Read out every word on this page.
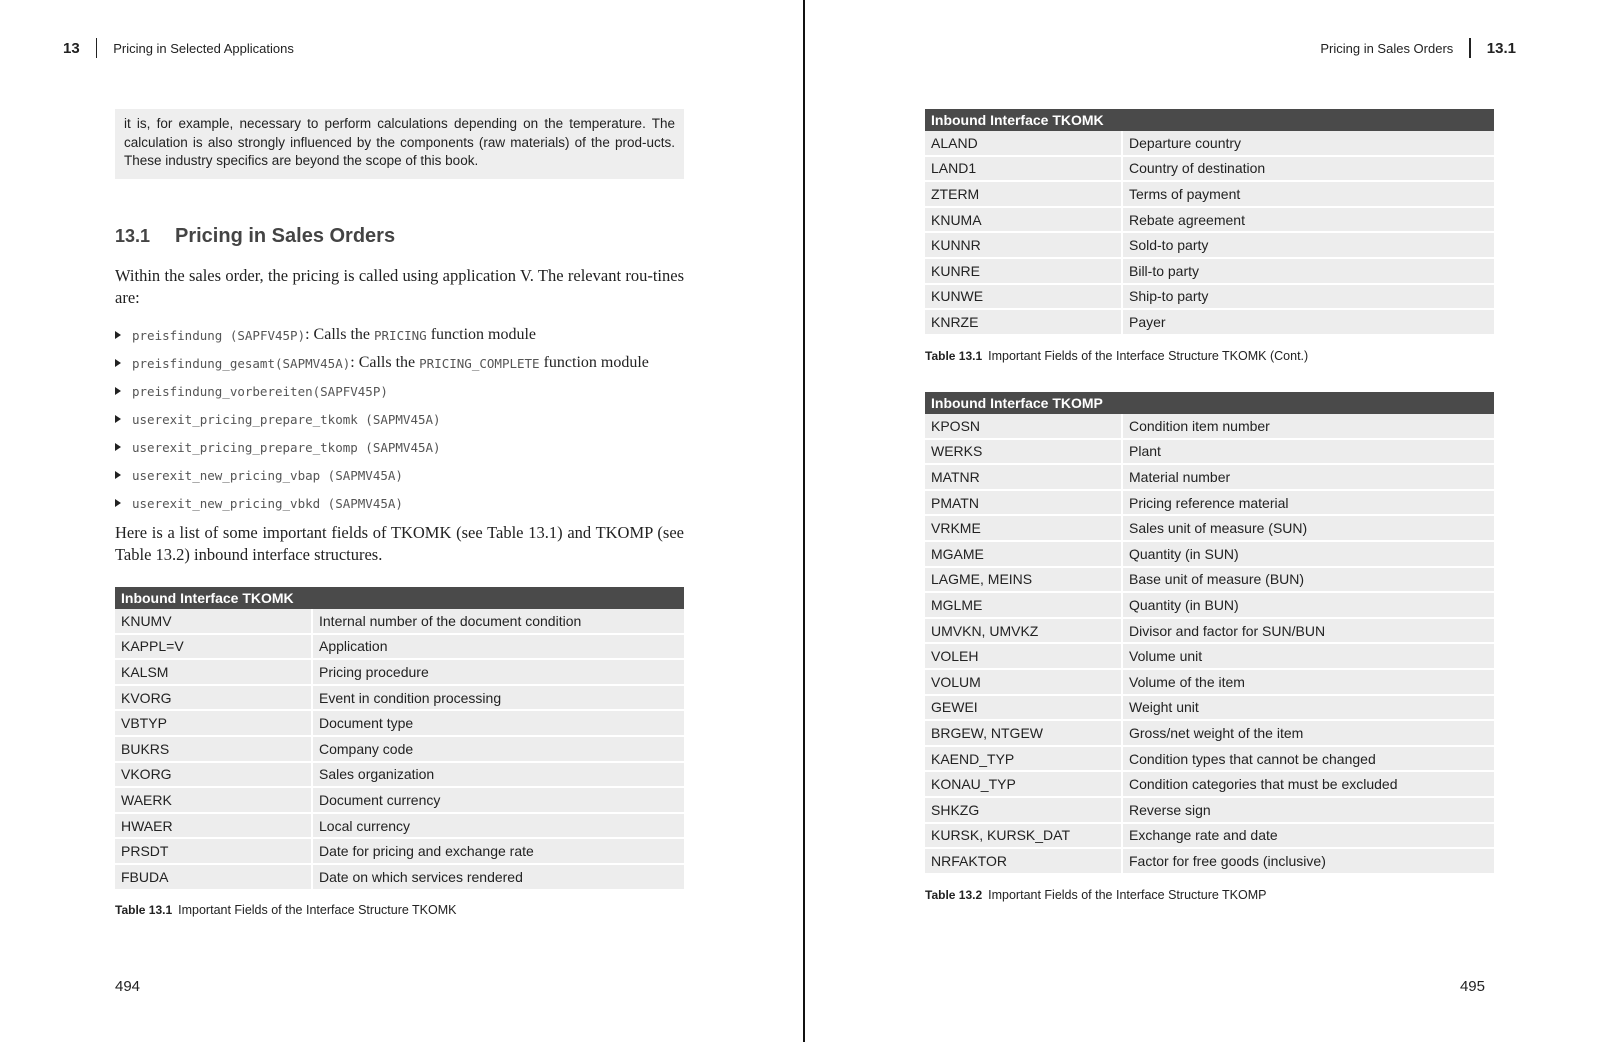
13	Pricing in Selected Applications
it is, for example, necessary to perform calculations depending on the temperature. The calculation is also strongly influenced by the components (raw materials) of the prod-ucts. These industry specifics are beyond the scope of this book.
13.1 Pricing in Sales Orders
Within the sales order, the pricing is called using application V. The relevant rou-tines are:
preisfindung (SAPFV45P) : Calls the PRICING function module
preisfindung_gesamt (SAPMV45A) : Calls the PRICING_COMPLETE function module
preisfindung_vorbereiten (SAPFV45P)
userexit_pricing_prepare_tkomk (SAPMV45A)
userexit_pricing_prepare_tkomp (SAPMV45A)
userexit_new_pricing_vbap (SAPMV45A)
userexit_new_pricing_vbkd (SAPMV45A)
Here is a list of some important fields of TKOMK (see Table 13.1) and TKOMP (see Table 13.2) inbound interface structures.
Inbound Interface TKOMK	
KNUMV	Internal number of the document condition
KAPPL=V	Application
KALSM	Pricing procedure
KVORG	Event in condition processing
VBTYP	Document type
BUKRS	Company code
VKORG	Sales organization
WAERK	Document currency
HWAER	Local currency
PRSDT	Date for pricing and exchange rate
FBUDA	Date on which services rendered
Table 13.1 Important Fields of the Interface Structure TKOMK
494
Pricing in Sales Orders 13.1
Inbound Interface TKOMK	
ALAND	Departure country
LAND1	Country of destination
ZTERM	Terms of payment
KNUMA	Rebate agreement
KUNNR	Sold-to party
KUNRE	Bill-to party
KUNWE	Ship-to party
KNRZE	Payer
Table 13.1 Important Fields of the Interface Structure TKOMK (Cont.)
Inbound Interface TKOMP	
KPOSN	Condition item number
WERKS	Plant
MATNR	Material number
PMATN	Pricing reference material
VRKME	Sales unit of measure (SUN)
MGAME	Quantity (in SUN)
LAGME, MEINS	Base unit of measure (BUN)
MGLME	Quantity (in BUN)
UMVKN, UMVKZ	Divisor and factor for SUN/BUN
VOLEH	Volume unit
VOLUM	Volume of the item
GEWEI	Weight unit
BRGEW, NTGEW	Gross/net weight of the item
KAEND_TYP	Condition types that cannot be changed
KONAU_TYP	Condition categories that must be excluded
SHKZG	Reverse sign
KURSK, KURSK_DAT	Exchange rate and date
NRFAKTOR	Factor for free goods (inclusive)
Table 13.2 Important Fields of the Interface Structure TKOMP
495
